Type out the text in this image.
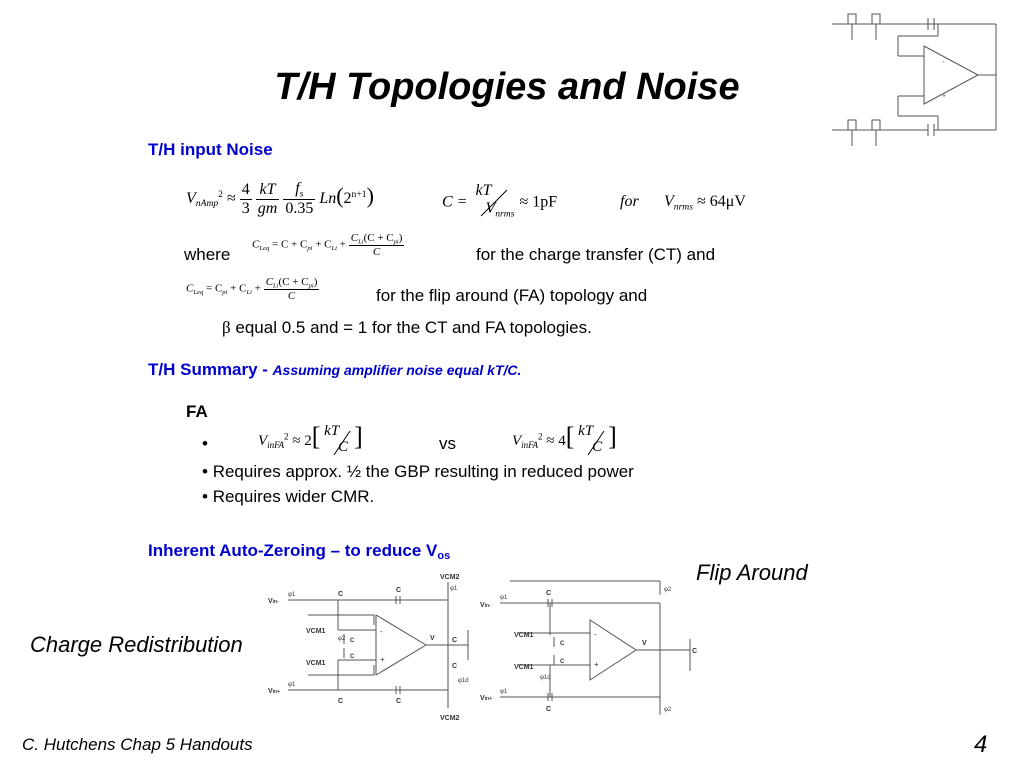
-
+
T/H Topologies and Noise
T/H input Noise
$V_{nAmp}^2 \approx \frac{4}{3}$
$\frac{kT}{gm}$
$\frac{f_s}{0.35} Ln(2^{n+1})$	C =
kT
$V_{nrms}$
≈ 1pF	for $V_{nrms} \approx 64\mu V$
where
$C_{Leq} = C + C_{pi} + C_{Li} + \frac{C_{Li}(C + C_{pi})}{C}$	for the charge transfer (CT) and
$C_{Leq} = C_{pi} + C_{Li} + \frac{C_{Li}(C + C_{pi})}{C}$	for the flip around (FA) topology and
β equal 0.5 and = 1 for the CT and FA topologies.
T/H Summary - Assuming amplifier noise equal kT/C.
FA
•	$V_{inFA}^2 \approx 2$[ kT
C ]	vs	$V_{inFA}^2 \approx 4$[ kT
C ]
• Requires approx. ½ the GBP resulting in reduced power
• Requires wider CMR.
Inherent Auto-Zeroing – to reduce Vos
Flip Around
Charge Redistribution
Vin-
Vin+
VCM2
VCM2
VCM1
VCM1
C
C
C
C
C
C
V C
C
-
+
φ1
φ1
φ2
φ1
φ1d
Vin-
Vin+
VCM1
VCM1
C
C
C
C
V
C
-
+
φ1
φ1
φ1d
φ2
φ2
C. Hutchens Chap 5 Handouts	4
